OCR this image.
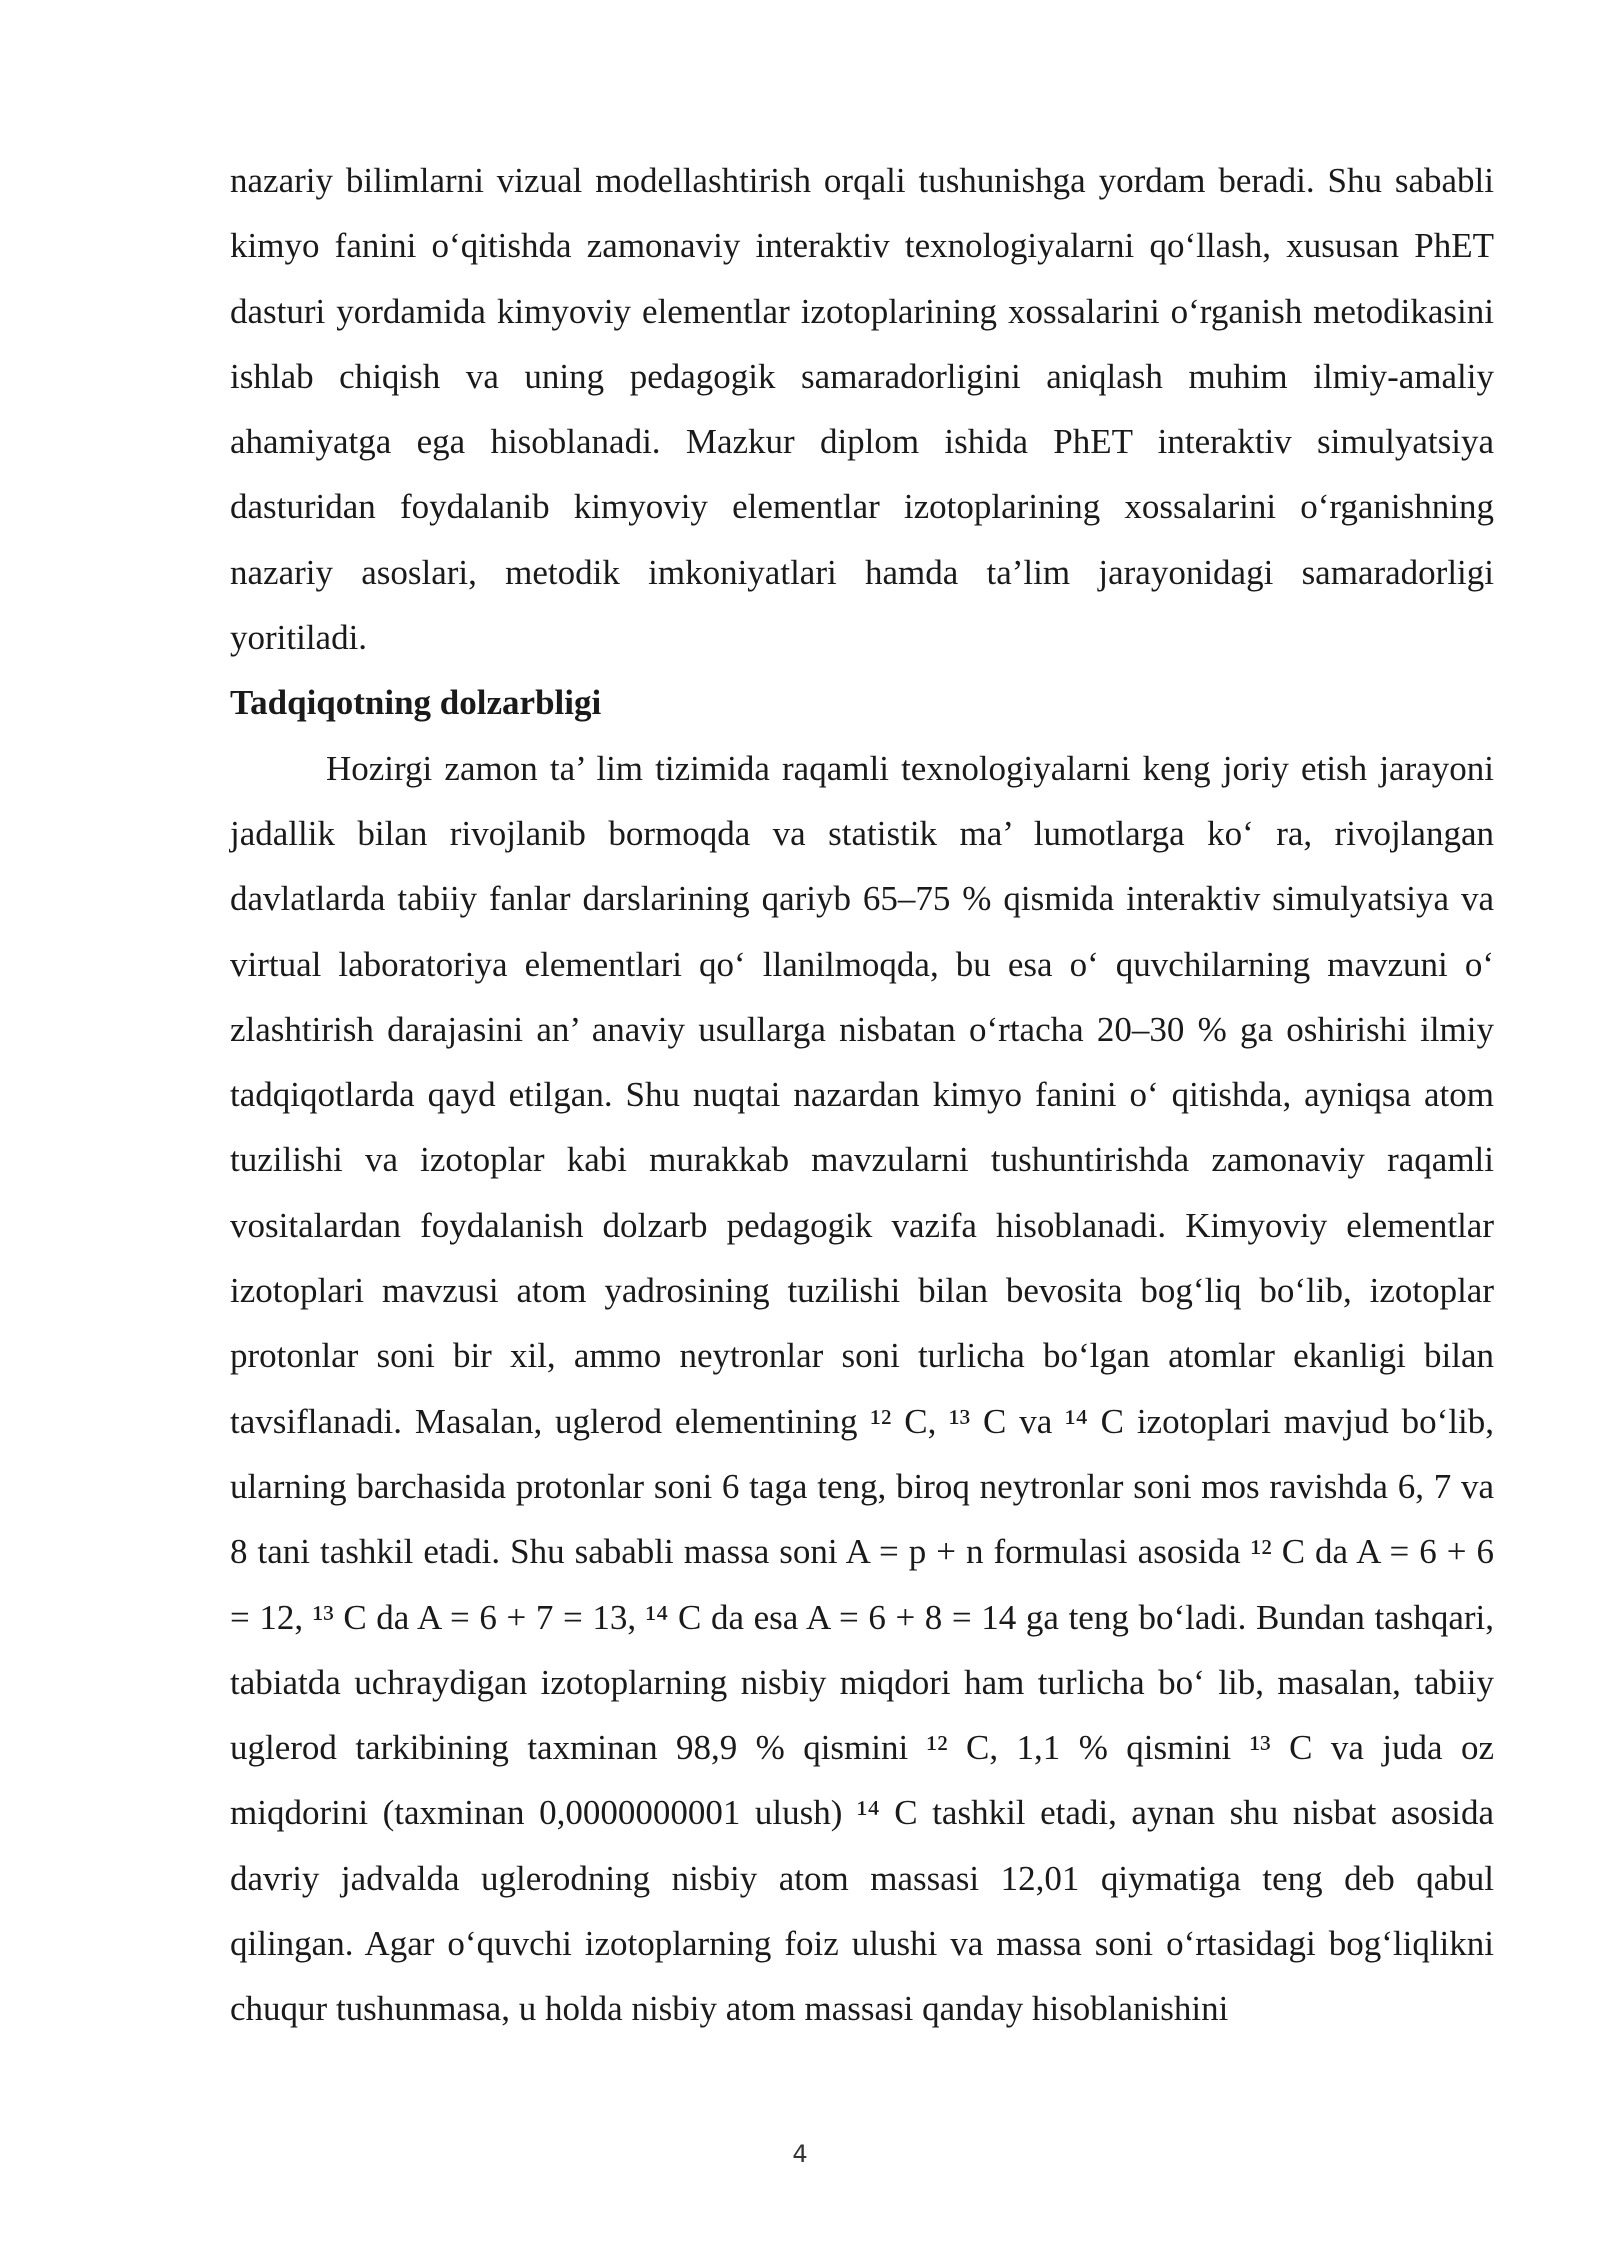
nazariy bilimlarni vizual modellashtirish orqali tushunishga yordam beradi. Shu sababli kimyo fanini o‘qitishda zamonaviy interaktiv texnologiyalarni qo‘llash, xususan PhET dasturi yordamida kimyoviy elementlar izotoplarining xossalarini o‘rganish metodikasini ishlab chiqish va uning pedagogik samaradorligini aniqlash muhim ilmiy-amaliy ahamiyatga ega hisoblanadi. Mazkur diplom ishida PhET interaktiv simulyatsiya dasturidan foydalanib kimyoviy elementlar izotoplarining xossalarini o‘rganishning nazariy asoslari, metodik imkoniyatlari hamda ta’lim jarayonidagi samaradorligi yoritiladi.

Tadqiqotning dolzarbligi

Hozirgi zamon ta’ lim tizimida raqamli texnologiyalarni keng joriy etish jarayoni jadallik bilan rivojlanib bormoqda va statistik ma’ lumotlarga ko‘ ra, rivojlangan davlatlarda tabiiy fanlar darslarining qariyb 65–75 % qismida interaktiv simulyatsiya va virtual laboratoriya elementlari qo‘ llanilmoqda, bu esa o‘ quvchilarning mavzuni o‘ zlashtirish darajasini an’ anaviy usullarga nisbatan o‘rtacha 20–30 % ga oshirishi ilmiy tadqiqotlarda qayd etilgan. Shu nuqtai nazardan kimyo fanini o‘ qitishda, ayniqsa atom tuzilishi va izotoplar kabi murakkab mavzularni tushuntirishda zamonaviy raqamli vositalardan foydalanish dolzarb pedagogik vazifa hisoblanadi. Kimyoviy elementlar izotoplari mavzusi atom yadrosining tuzilishi bilan bevosita bog‘liq bo‘lib, izotoplar protonlar soni bir xil, ammo neytronlar soni turlicha bo‘lgan atomlar ekanligi bilan tavsiflanadi. Masalan, uglerod elementining ¹² C, ¹³ C va ¹⁴ C izotoplari mavjud bo‘lib, ularning barchasida protonlar soni 6 taga teng, biroq neytronlar soni mos ravishda 6, 7 va 8 tani tashkil etadi. Shu sababli massa soni A = p + n formulasi asosida ¹² C da A = 6 + 6 = 12, ¹³ C da A = 6 + 7 = 13, ¹⁴ C da esa A = 6 + 8 = 14 ga teng bo‘ladi. Bundan tashqari, tabiatda uchraydigan izotoplarning nisbiy miqdori ham turlicha bo‘ lib, masalan, tabiiy uglerod tarkibining taxminan 98,9 % qismini ¹² C, 1,1 % qismini ¹³ C va juda oz miqdorini (taxminan 0,0000000001 ulush) ¹⁴ C tashkil etadi, aynan shu nisbat asosida davriy jadvalda uglerodning nisbiy atom massasi 12,01 qiymatiga teng deb qabul qilingan. Agar o‘quvchi izotoplarning foiz ulushi va massa soni o‘rtasidagi bog‘liqlikni chuqur tushunmasa, u holda nisbiy atom massasi qanday hisoblanishini

4
